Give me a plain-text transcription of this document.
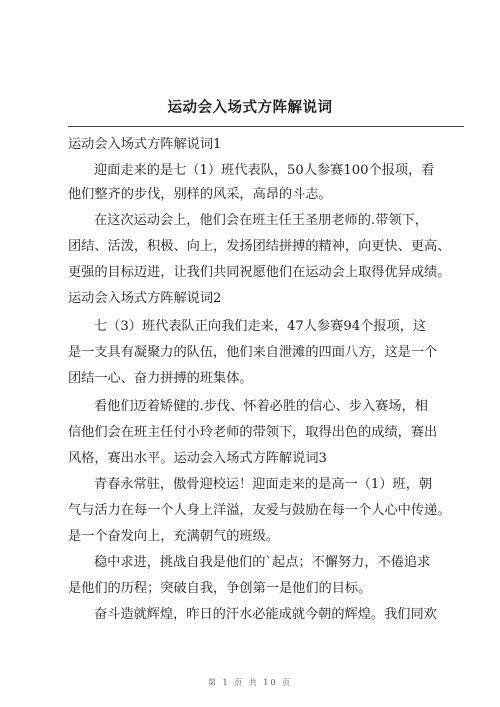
运动会入场式方阵解说词
运动会入场式方阵解说词1
迎面走来的是七（1）班代表队，50人参赛100个报项，看
他们整齐的步伐，别样的风采，高昂的斗志。
在这次运动会上，他们会在班主任王圣朋老师的.带领下，
团结、活泼，积极、向上，发扬团结拼搏的精神，向更快、更高、
更强的目标迈进，让我们共同祝愿他们在运动会上取得优异成绩。
运动会入场式方阵解说词2
七（3）班代表队正向我们走来，47人参赛94个报项，这
是一支具有凝聚力的队伍，他们来自泄滩的四面八方，这是一个
团结一心、奋力拼搏的班集体。
看他们迈着矫健的.步伐、怀着必胜的信心、步入赛场，相
信他们会在班主任付小玲老师的带领下，取得出色的成绩，赛出
风格，赛出水平。运动会入场式方阵解说词3
青春永常驻，傲骨迎校运！迎面走来的是高一（1）班，朝
气与活力在每一个人身上洋溢，友爱与鼓励在每一个人心中传递。
是一个奋发向上，充满朝气的班级。
稳中求进，挑战自我是他们的`起点；不懈努力，不倦追求
是他们的历程；突破自我，争创第一是他们的目标。
奋斗造就辉煌，昨日的汗水必能成就今朝的辉煌。我们同欢
第 1 页 共 10 页
